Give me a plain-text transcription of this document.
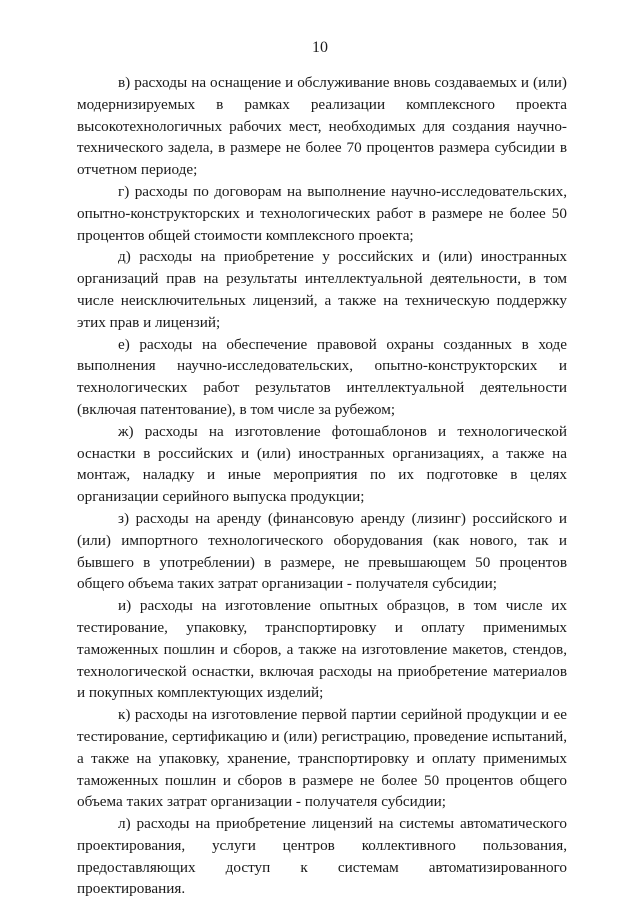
10

в) расходы на оснащение и обслуживание вновь создаваемых и (или) модернизируемых в рамках реализации комплексного проекта высокотехнологичных рабочих мест, необходимых для создания научно-технического задела, в размере не более 70 процентов размера субсидии в отчетном периоде;

г) расходы по договорам на выполнение научно-исследовательских, опытно-конструкторских и технологических работ в размере не более 50 процентов общей стоимости комплексного проекта;

д) расходы на приобретение у российских и (или) иностранных организаций прав на результаты интеллектуальной деятельности, в том числе неисключительных лицензий, а также на техническую поддержку этих прав и лицензий;

е) расходы на обеспечение правовой охраны созданных в ходе выполнения научно-исследовательских, опытно-конструкторских и технологических работ результатов интеллектуальной деятельности (включая патентование), в том числе за рубежом;

ж) расходы на изготовление фотошаблонов и технологической оснастки в российских и (или) иностранных организациях, а также на монтаж, наладку и иные мероприятия по их подготовке в целях организации серийного выпуска продукции;

з) расходы на аренду (финансовую аренду (лизинг) российского и (или) импортного технологического оборудования (как нового, так и бывшего в употреблении) в размере, не превышающем 50 процентов общего объема таких затрат организации - получателя субсидии;

и) расходы на изготовление опытных образцов, в том числе их тестирование, упаковку, транспортировку и оплату применимых таможенных пошлин и сборов, а также на изготовление макетов, стендов, технологической оснастки, включая расходы на приобретение материалов и покупных комплектующих изделий;

к) расходы на изготовление первой партии серийной продукции и ее тестирование, сертификацию и (или) регистрацию, проведение испытаний, а также на упаковку, хранение, транспортировку и оплату применимых таможенных пошлин и сборов в размере не более 50 процентов общего объема таких затрат организации - получателя субсидии;

л) расходы на приобретение лицензий на системы автоматического проектирования, услуги центров коллективного пользования, предоставляющих доступ к системам автоматизированного проектирования.
